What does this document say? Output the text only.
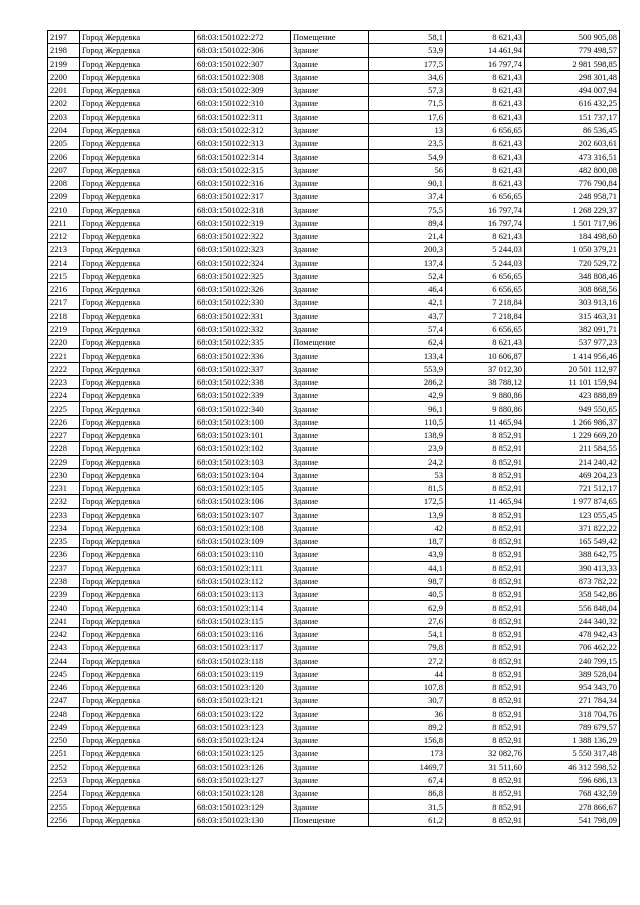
2197	Город Жердевка	68:03:1501022:272	Помещение	58,1	8 621,43	500 905,08
2198	Город Жердевка	68:03:1501022:306	Здание	53,9	14 461,94	779 498,57
2199	Город Жердевка	68:03:1501022:307	Здание	177,5	16 797,74	2 981 598,85
2200	Город Жердевка	68:03:1501022:308	Здание	34,6	8 621,43	298 301,48
2201	Город Жердевка	68:03:1501022:309	Здание	57,3	8 621,43	494 007,94
2202	Город Жердевка	68:03:1501022:310	Здание	71,5	8 621,43	616 432,25
2203	Город Жердевка	68:03:1501022:311	Здание	17,6	8 621,43	151 737,17
2204	Город Жердевка	68:03:1501022:312	Здание	13	6 656,65	86 536,45
2205	Город Жердевка	68:03:1501022:313	Здание	23,5	8 621,43	202 603,61
2206	Город Жердевка	68:03:1501022:314	Здание	54,9	8 621,43	473 316,51
2207	Город Жердевка	68:03:1501022:315	Здание	56	8 621,43	482 800,08
2208	Город Жердевка	68:03:1501022:316	Здание	90,1	8 621,43	776 790,84
2209	Город Жердевка	68:03:1501022:317	Здание	37,4	6 656,65	248 958,71
2210	Город Жердевка	68:03:1501022:318	Здание	75,5	16 797,74	1 268 229,37
2211	Город Жердевка	68:03:1501022:319	Здание	89,4	16 797,74	1 501 717,96
2212	Город Жердевка	68:03:1501022:322	Здание	21,4	8 621,43	184 498,60
2213	Город Жердевка	68:03:1501022:323	Здание	200,3	5 244,03	1 050 379,21
2214	Город Жердевка	68:03:1501022:324	Здание	137,4	5 244,03	720 529,72
2215	Город Жердевка	68:03:1501022:325	Здание	52,4	6 656,65	348 808,46
2216	Город Жердевка	68:03:1501022:326	Здание	46,4	6 656,65	308 868,56
2217	Город Жердевка	68:03:1501022:330	Здание	42,1	7 218,84	303 913,16
2218	Город Жердевка	68:03:1501022:331	Здание	43,7	7 218,84	315 463,31
2219	Город Жердевка	68:03:1501022:332	Здание	57,4	6 656,65	382 091,71
2220	Город Жердевка	68:03:1501022:335	Помещение	62,4	8 621,43	537 977,23
2221	Город Жердевка	68:03:1501022:336	Здание	133,4	10 606,87	1 414 956,46
2222	Город Жердевка	68:03:1501022:337	Здание	553,9	37 012,30	20 501 112,97
2223	Город Жердевка	68:03:1501022:338	Здание	286,2	38 788,12	11 101 159,94
2224	Город Жердевка	68:03:1501022:339	Здание	42,9	9 880,86	423 888,89
2225	Город Жердевка	68:03:1501022:340	Здание	96,1	9 880,86	949 550,65
2226	Город Жердевка	68:03:1501023:100	Здание	110,5	11 465,94	1 266 986,37
2227	Город Жердевка	68:03:1501023:101	Здание	138,9	8 852,91	1 229 669,20
2228	Город Жердевка	68:03:1501023:102	Здание	23,9	8 852,91	211 584,55
2229	Город Жердевка	68:03:1501023:103	Здание	24,2	8 852,91	214 240,42
2230	Город Жердевка	68:03:1501023:104	Здание	53	8 852,91	469 204,23
2231	Город Жердевка	68:03:1501023:105	Здание	81,5	8 852,91	721 512,17
2232	Город Жердевка	68:03:1501023:106	Здание	172,5	11 465,94	1 977 874,65
2233	Город Жердевка	68:03:1501023:107	Здание	13,9	8 852,91	123 055,45
2234	Город Жердевка	68:03:1501023:108	Здание	42	8 852,91	371 822,22
2235	Город Жердевка	68:03:1501023:109	Здание	18,7	8 852,91	165 549,42
2236	Город Жердевка	68:03:1501023:110	Здание	43,9	8 852,91	388 642,75
2237	Город Жердевка	68:03:1501023:111	Здание	44,1	8 852,91	390 413,33
2238	Город Жердевка	68:03:1501023:112	Здание	98,7	8 852,91	873 782,22
2239	Город Жердевка	68:03:1501023:113	Здание	40,5	8 852,91	358 542,86
2240	Город Жердевка	68:03:1501023:114	Здание	62,9	8 852,91	556 848,04
2241	Город Жердевка	68:03:1501023:115	Здание	27,6	8 852,91	244 340,32
2242	Город Жердевка	68:03:1501023:116	Здание	54,1	8 852,91	478 942,43
2243	Город Жердевка	68:03:1501023:117	Здание	79,8	8 852,91	706 462,22
2244	Город Жердевка	68:03:1501023:118	Здание	27,2	8 852,91	240 799,15
2245	Город Жердевка	68:03:1501023:119	Здание	44	8 852,91	389 528,04
2246	Город Жердевка	68:03:1501023:120	Здание	107,8	8 852,91	954 343,70
2247	Город Жердевка	68:03:1501023:121	Здание	30,7	8 852,91	271 784,34
2248	Город Жердевка	68:03:1501023:122	Здание	36	8 852,91	318 704,76
2249	Город Жердевка	68:03:1501023:123	Здание	89,2	8 852,91	789 679,57
2250	Город Жердевка	68:03:1501023:124	Здание	156,8	8 852,91	1 388 136,29
2251	Город Жердевка	68:03:1501023:125	Здание	173	32 082,76	5 550 317,48
2252	Город Жердевка	68:03:1501023:126	Здание	1469,7	31 511,60	46 312 598,52
2253	Город Жердевка	68:03:1501023:127	Здание	67,4	8 852,91	596 686,13
2254	Город Жердевка	68:03:1501023:128	Здание	86,8	8 852,91	768 432,59
2255	Город Жердевка	68:03:1501023:129	Здание	31,5	8 852,91	278 866,67
2256	Город Жердевка	68:03:1501023:130	Помещение	61,2	8 852,91	541 798,09
